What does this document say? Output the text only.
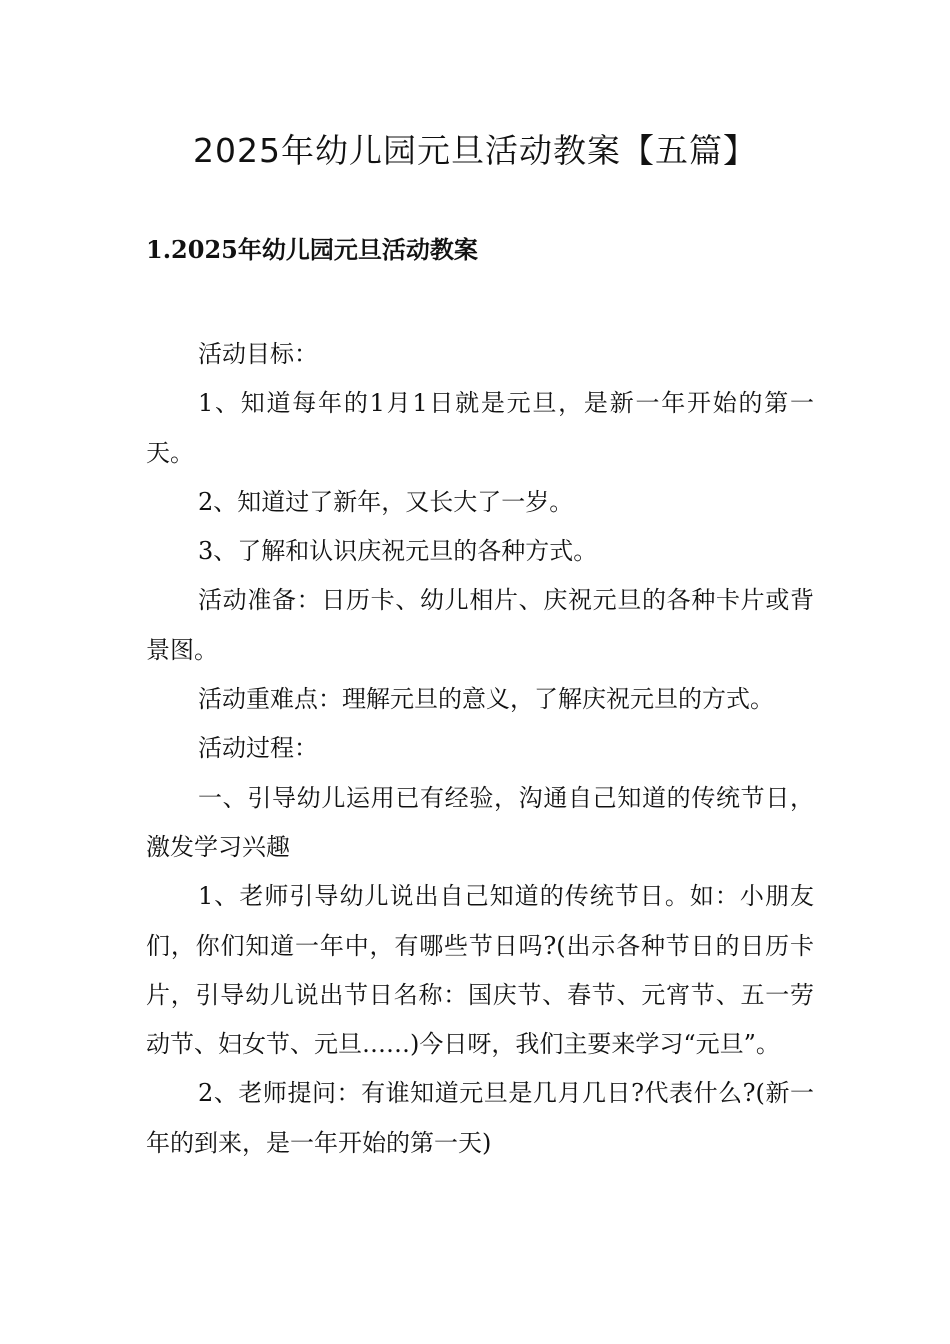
2025年幼儿园元旦活动教案【五篇】
1.2025年幼儿园元旦活动教案

活动目标：

1、知道每年的1月1日就是元旦，是新一年开始的第一天。

2、知道过了新年，又长大了一岁。

3、了解和认识庆祝元旦的各种方式。

活动准备：日历卡、幼儿相片、庆祝元旦的各种卡片或背景图。

活动重难点：理解元旦的意义，了解庆祝元旦的方式。

活动过程：

一、引导幼儿运用已有经验，沟通自己知道的传统节日，激发学习兴趣

1、老师引导幼儿说出自己知道的传统节日。如：小朋友们，你们知道一年中，有哪些节日吗?(出示各种节日的日历卡片，引导幼儿说出节日名称：国庆节、春节、元宵节、五一劳动节、妇女节、元旦……)今日呀，我们主要来学习“元旦”。

2、老师提问：有谁知道元旦是几月几日?代表什么?(新一年的到来，是一年开始的第一天)
